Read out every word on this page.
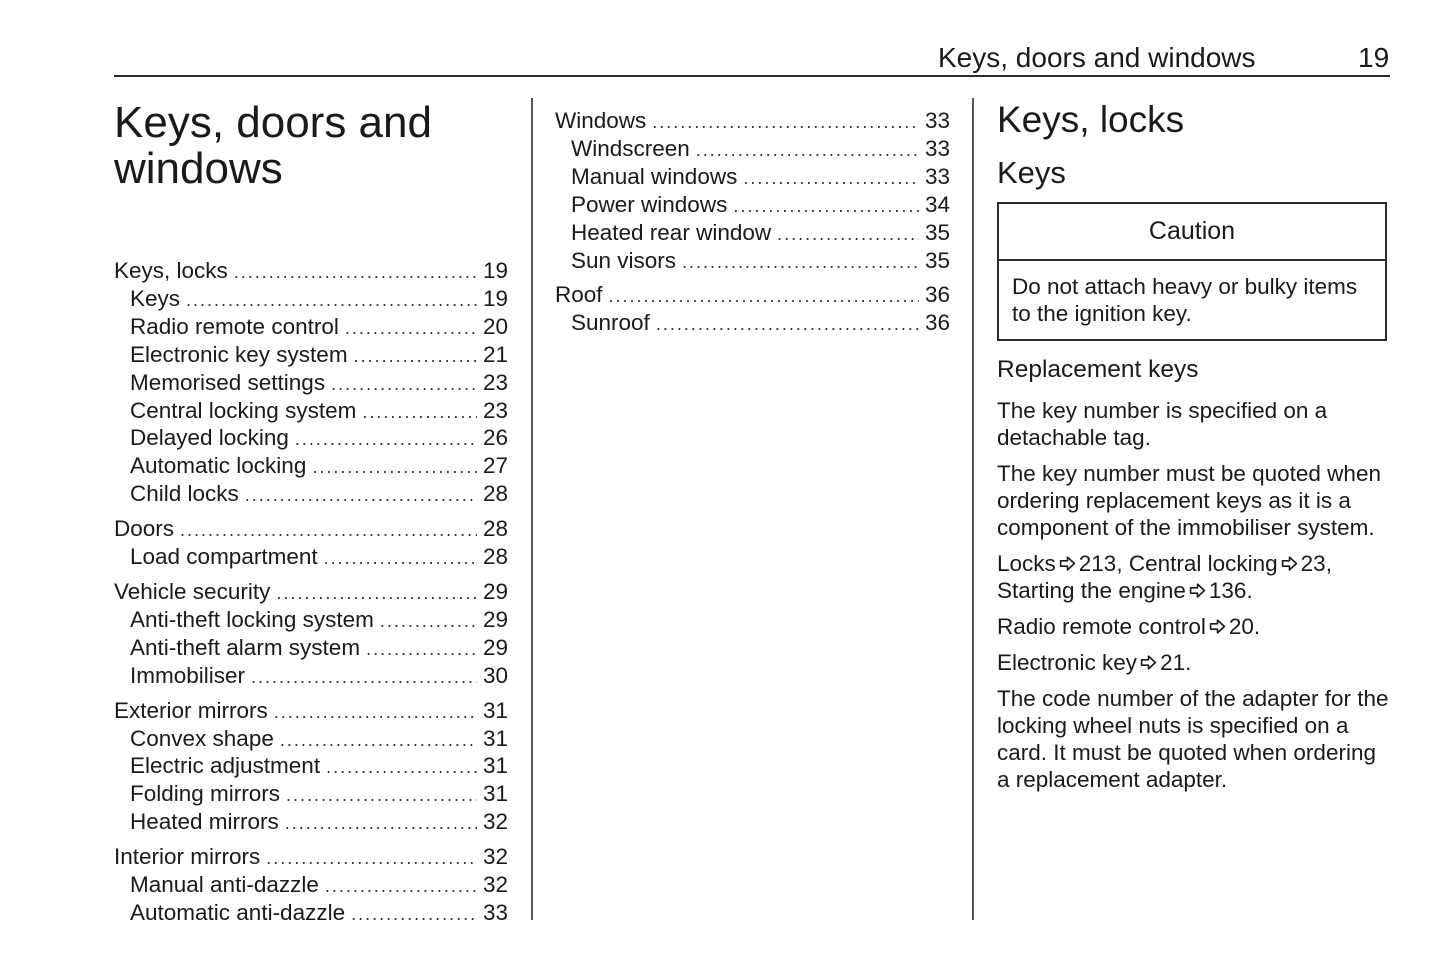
Keys, doors and windows	19
Keys, doors and windows
Keys, locks .....	19
Keys .....	19
Radio remote control .....	20
Electronic key system .....	21
Memorised settings .....	23
Central locking system .....	23
Delayed locking .....	26
Automatic locking .....	27
Child locks .....	28
Doors .....	28
Load compartment .....	28
Vehicle security .....	29
Anti-theft locking system .....	29
Anti-theft alarm system .....	29
Immobiliser .....	30
Exterior mirrors .....	31
Convex shape .....	31
Electric adjustment .....	31
Folding mirrors .....	31
Heated mirrors .....	32
Interior mirrors .....	32
Manual anti-dazzle .....	32
Automatic anti-dazzle .....	33
Windows .....	33
Windscreen .....	33
Manual windows .....	33
Power windows .....	34
Heated rear window .....	35
Sun visors .....	35
Roof .....	36
Sunroof .....	36
Keys, locks
Keys
Caution
Do not attach heavy or bulky items to the ignition key.
Replacement keys

The key number is specified on a detachable tag.

The key number must be quoted when ordering replacement keys as it is a component of the immobiliser system.

Locks 213, Central locking 23, Starting the engine 136.

Radio remote control 20.

Electronic key 21.

The code number of the adapter for the locking wheel nuts is specified on a card. It must be quoted when ordering a replacement adapter.
